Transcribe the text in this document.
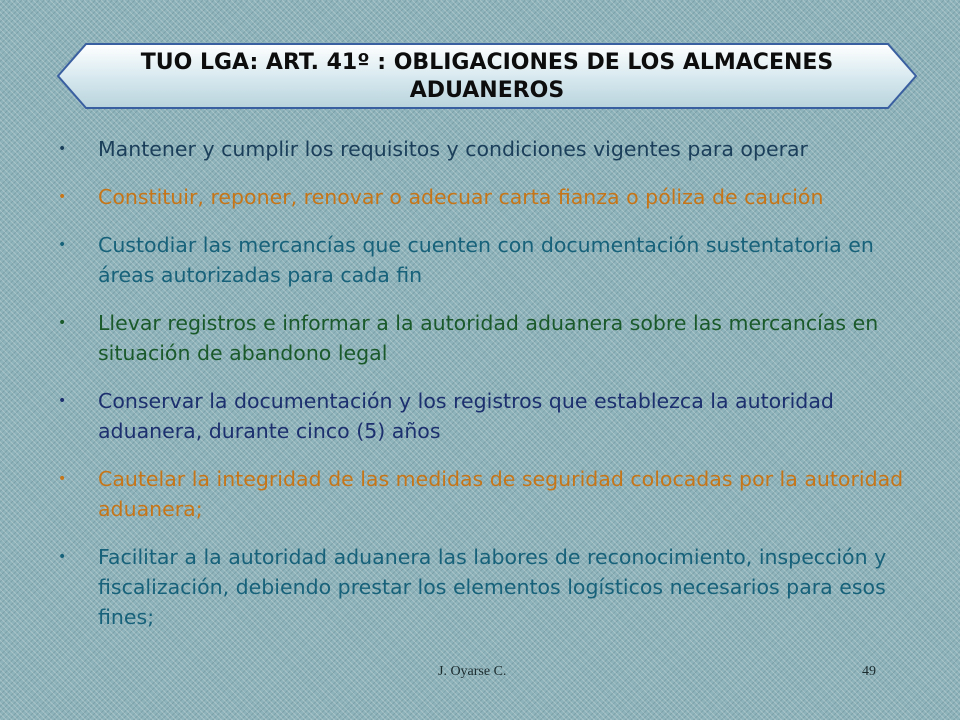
TUO LGA: ART. 41º : OBLIGACIONES DE LOS ALMACENES ADUANEROS
• Mantener y cumplir los requisitos y condiciones vigentes para operar
• Constituir, reponer, renovar o adecuar carta fianza o póliza de caución
• Custodiar las mercancías que cuenten con documentación sustentatoria en áreas autorizadas para cada fin
• Llevar registros e informar a la autoridad aduanera sobre las mercancías en situación de abandono legal
• Conservar la documentación y los registros que establezca la autoridad aduanera, durante cinco (5) años
• Cautelar la integridad de las medidas de seguridad colocadas por la autoridad aduanera;
• Facilitar a la autoridad aduanera las labores de reconocimiento, inspección y fiscalización, debiendo prestar los elementos logísticos necesarios para esos fines;
J. Oyarse C.	49
